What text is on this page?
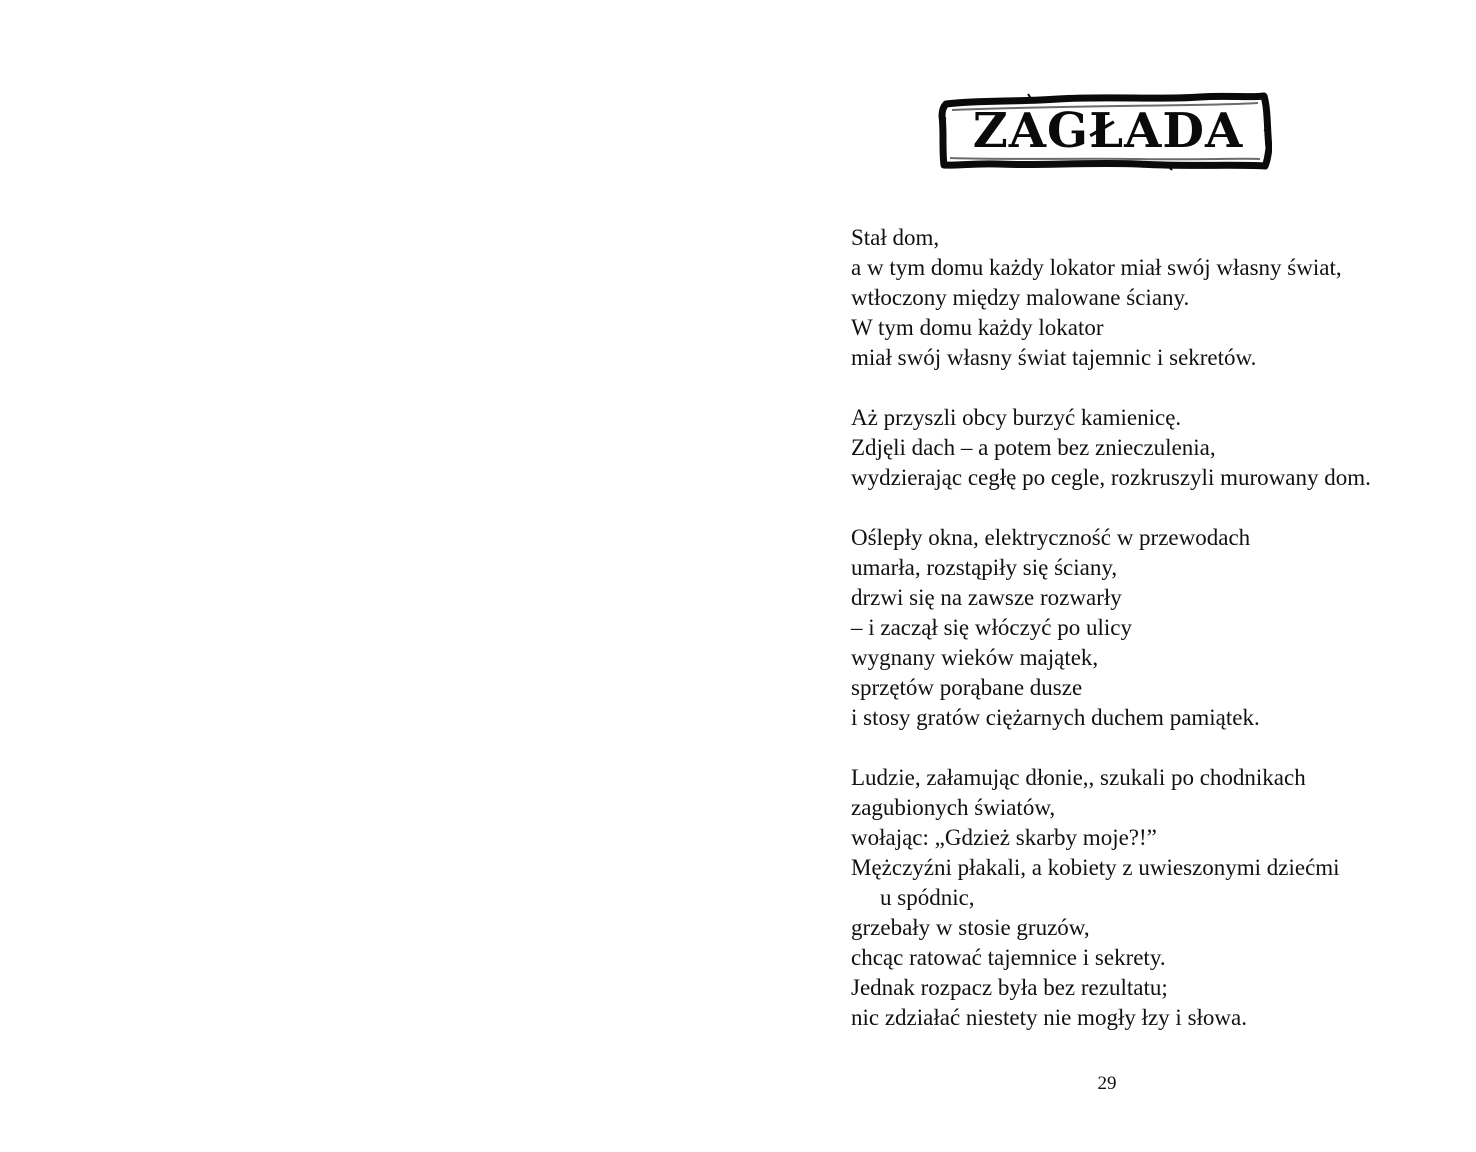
ZAGŁADA
Stał dom,
a w tym domu każdy lokator miał swój własny świat,
wtłoczony między malowane ściany.
W tym domu każdy lokator
miał swój własny świat tajemnic i sekretów.
Aż przyszli obcy burzyć kamienicę.
Zdjęli dach – a potem bez znieczulenia,
wydzierając cegłę po cegle, rozkruszyli murowany dom.
Oślepły okna, elektryczność w przewodach
umarła, rozstąpiły się ściany,
drzwi się na zawsze rozwarły
– i zaczął się włóczyć po ulicy
wygnany wieków majątek,
sprzętów porąbane dusze
i stosy gratów ciężarnych duchem pamiątek.
Ludzie, załamując dłonie,, szukali po chodnikach
zagubionych światów,
wołając: „Gdzież skarby moje?!”
Mężczyźni płakali, a kobiety z uwieszonymi dziećmi
u spódnic,
grzebały w stosie gruzów,
chcąc ratować tajemnice i sekrety.
Jednak rozpacz była bez rezultatu;
nic zdziałać niestety nie mogły łzy i słowa.
29
